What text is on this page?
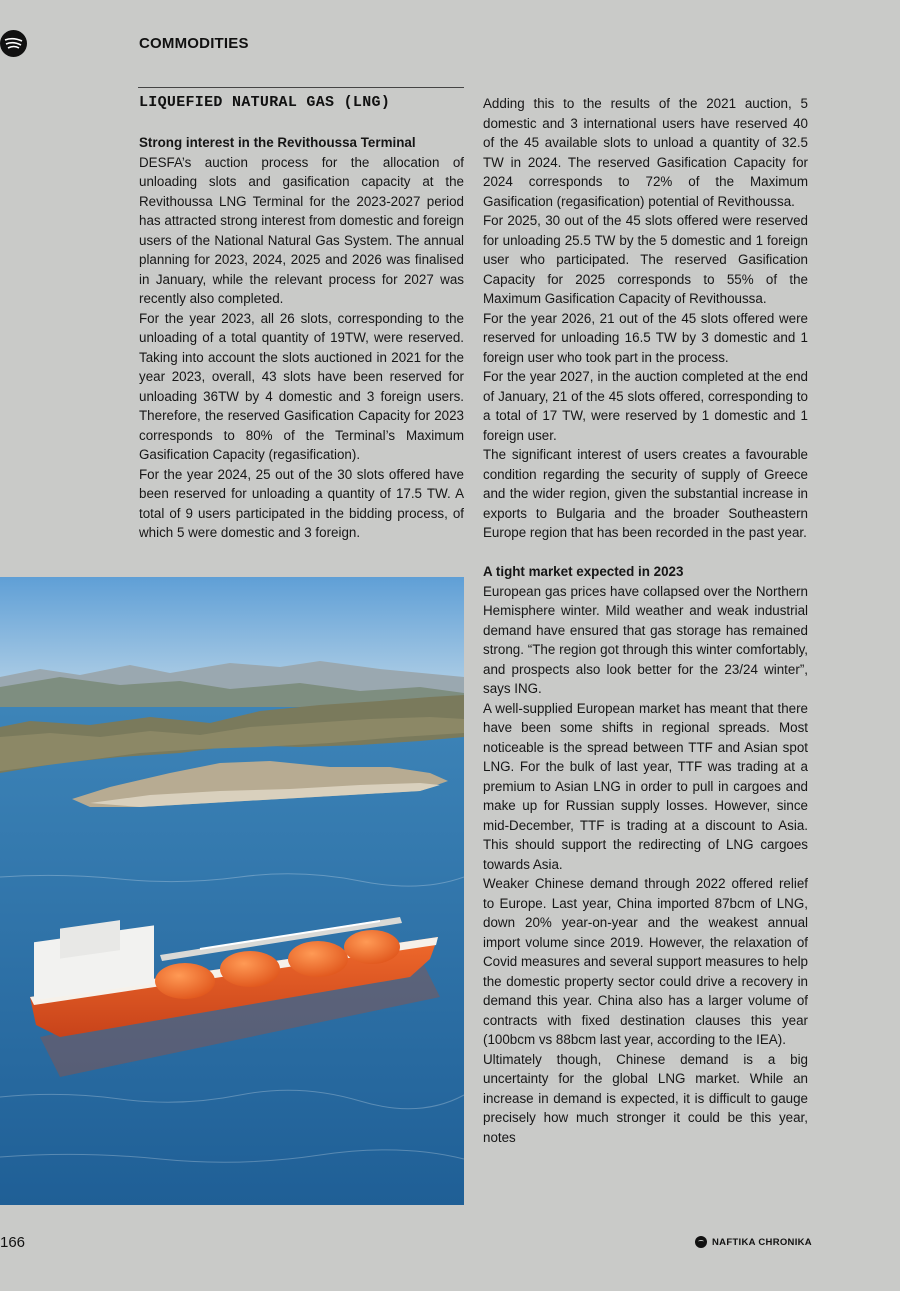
COMMODITIES
LIQUEFIED NATURAL GAS (LNG)

Strong interest in the Revithoussa Terminal

DESFA’s auction process for the allocation of unloading slots and gasification capacity at the Revithoussa LNG Terminal for the 2023-2027 period has attracted strong interest from domestic and foreign users of the National Natural Gas System. The annual planning for 2023, 2024, 2025 and 2026 was finalised in January, while the relevant process for 2027 was recently also completed.

For the year 2023, all 26 slots, corresponding to the unloading of a total quantity of 19TW, were reserved. Taking into account the slots auctioned in 2021 for the year 2023, overall, 43 slots have been reserved for unloading 36TW by 4 domestic and 3 foreign users. Therefore, the reserved Gasification Capacity for 2023 corresponds to 80% of the Terminal’s Maximum Gasification Capacity (regasification).

For the year 2024, 25 out of the 30 slots offered have been reserved for unloading a quantity of 17.5 TW. A total of 9 users participated in the bidding process, of which 5 were domestic and 3 foreign.

Adding this to the results of the 2021 auction, 5 domestic and 3 international users have reserved 40 of the 45 available slots to unload a quantity of 32.5 TW in 2024. The reserved Gasification Capacity for 2024 corresponds to 72% of the Maximum Gasification (regasification) potential of Revithoussa.

For 2025, 30 out of the 45 slots offered were reserved for unloading 25.5 TW by the 5 domestic and 1 foreign user who participated. The reserved Gasification Capacity for 2025 corresponds to 55% of the Maximum Gasification Capacity of Revithoussa.

For the year 2026, 21 out of the 45 slots offered were reserved for unloading 16.5 TW by 3 domestic and 1 foreign user who took part in the process.

For the year 2027, in the auction completed at the end of January, 21 of the 45 slots offered, corresponding to a total of 17 TW, were reserved by 1 domestic and 1 foreign user.

The significant interest of users creates a favourable condition regarding the security of supply of Greece and the wider region, given the substantial increase in exports to Bulgaria and the broader Southeastern Europe region that has been recorded in the past year.

A tight market expected in 2023

European gas prices have collapsed over the Northern Hemisphere winter. Mild weather and weak industrial demand have ensured that gas storage has remained strong. “The region got through this winter comfortably, and prospects also look better for the 23/24 winter”, says ING.

A well-supplied European market has meant that there have been some shifts in regional spreads. Most noticeable is the spread between TTF and Asian spot LNG. For the bulk of last year, TTF was trading at a premium to Asian LNG in order to pull in cargoes and make up for Russian supply losses. However, since mid-December, TTF is trading at a discount to Asia. This should support the redirecting of LNG cargoes towards Asia.

Weaker Chinese demand through 2022 offered relief to Europe. Last year, China imported 87bcm of LNG, down 20% year-on-year and the weakest annual import volume since 2019. However, the relaxation of Covid measures and several support measures to help the domestic property sector could drive a recovery in demand this year. China also has a larger volume of contracts with fixed destination clauses this year (100bcm vs 88bcm last year, according to the IEA).

Ultimately though, Chinese demand is a big uncertainty for the global LNG market. While an increase in demand is expected, it is difficult to gauge precisely how much stronger it could be this year, notes

166	NAFTIKA CHRONIKA
